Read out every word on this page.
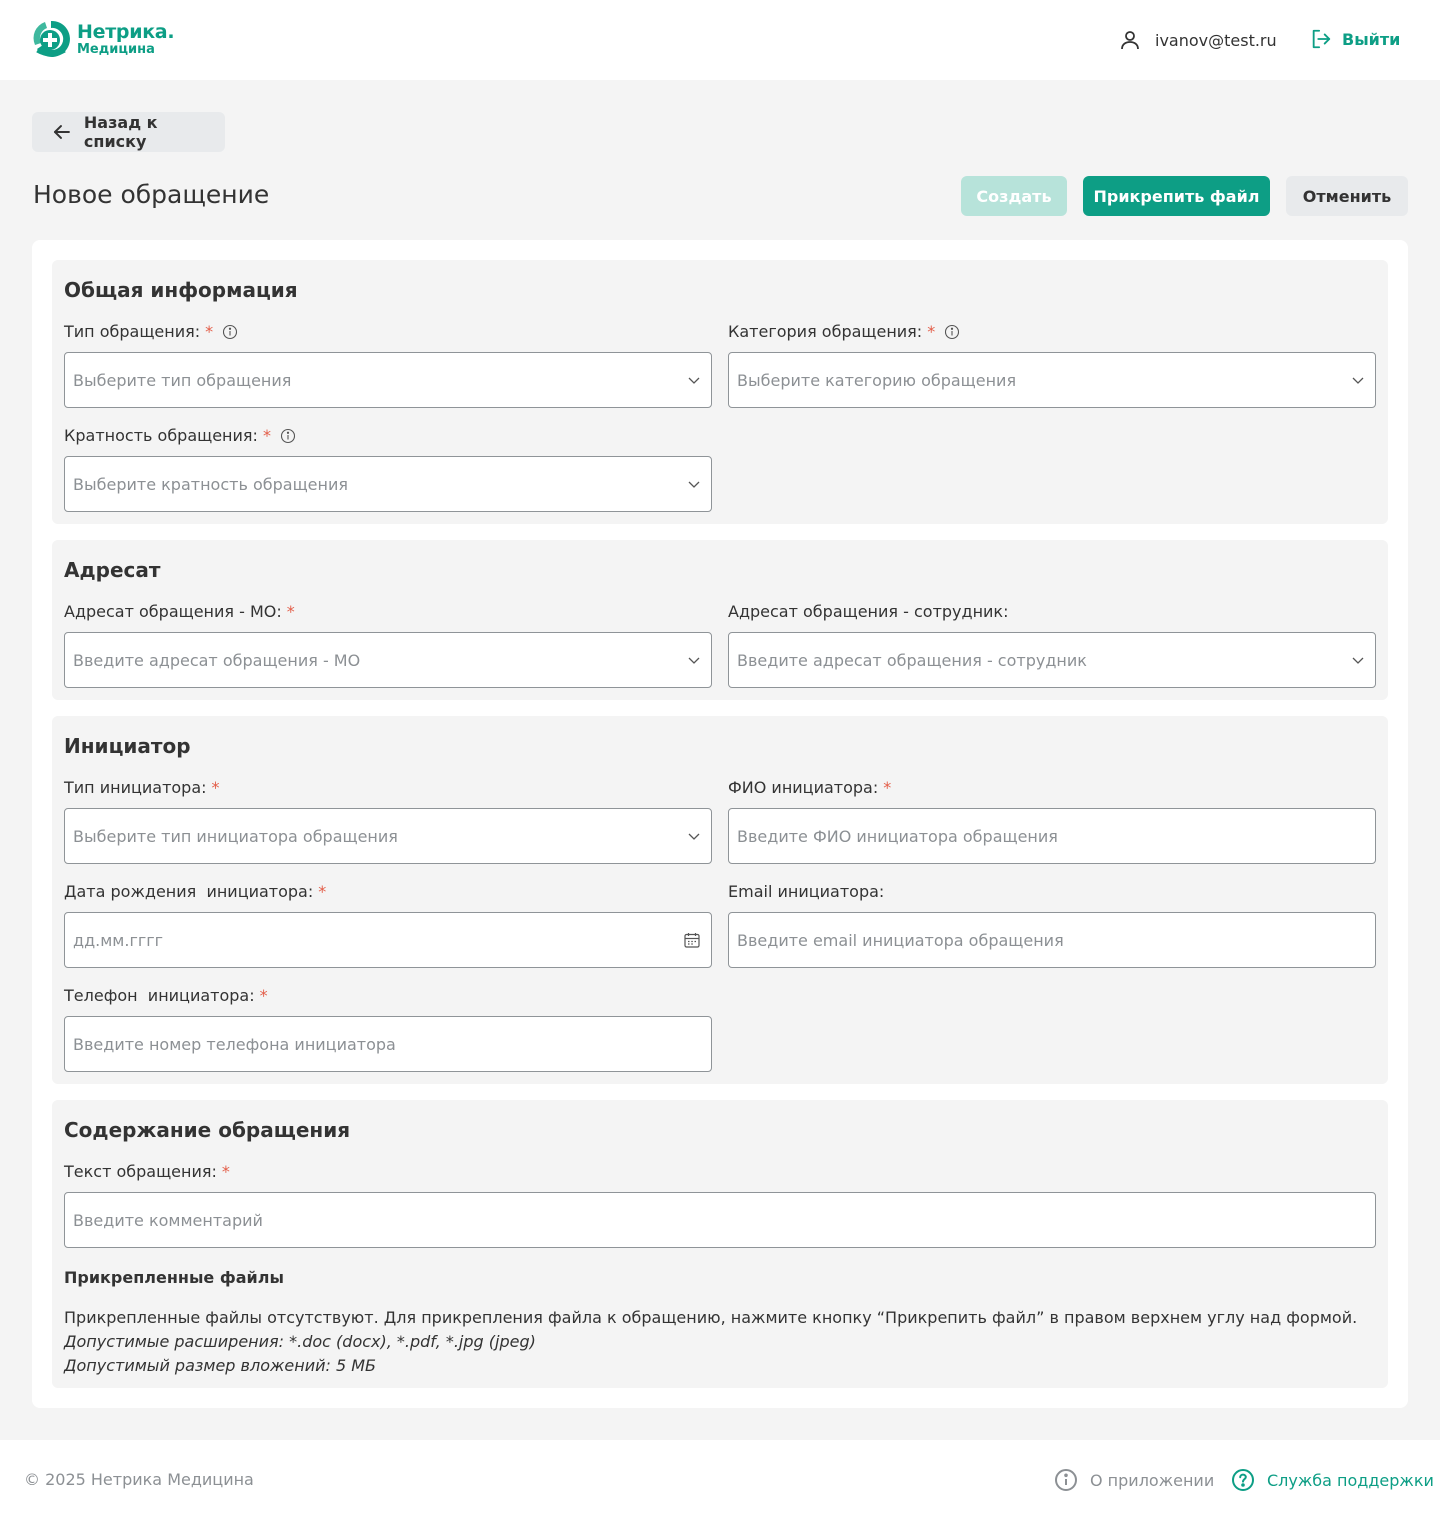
Нетрика.
Медицина	ivanov@test.ru	Выйти
Назад к списку
Новое обращение	Создать	Прикрепить файл	Отменить
Общая информация
Тип обращения: *
Выберите тип обращения
Категория обращения: *
Выберите категорию обращения
Кратность обращения: *
Выберите кратность обращения
Адресат
Адресат обращения - МО: *
Введите адресат обращения - МО
Адресат обращения - сотрудник:
Введите адресат обращения - сотрудник
Инициатор
Тип инициатора: *
Выберите тип инициатора обращения
ФИО инициатора: *
Введите ФИО инициатора обращения
Дата рождения  инициатора: *
дд.мм.гггг
Email инициатора:
Введите email инициатора обращения
Телефон  инициатора: *
Введите номер телефона инициатора
Содержание обращения
Текст обращения: *
Введите комментарий
Прикрепленные файлы
Прикрепленные файлы отсутствуют. Для прикрепления файла к обращению, нажмите кнопку “Прикрепить файл” в правом верхнем углу над формой.
Допустимые расширения: *.doc (docx), *.pdf, *.jpg (jpeg)
Допустимый размер вложений: 5 МБ
© 2025 Нетрика Медицина	О приложении	Служба поддержки
